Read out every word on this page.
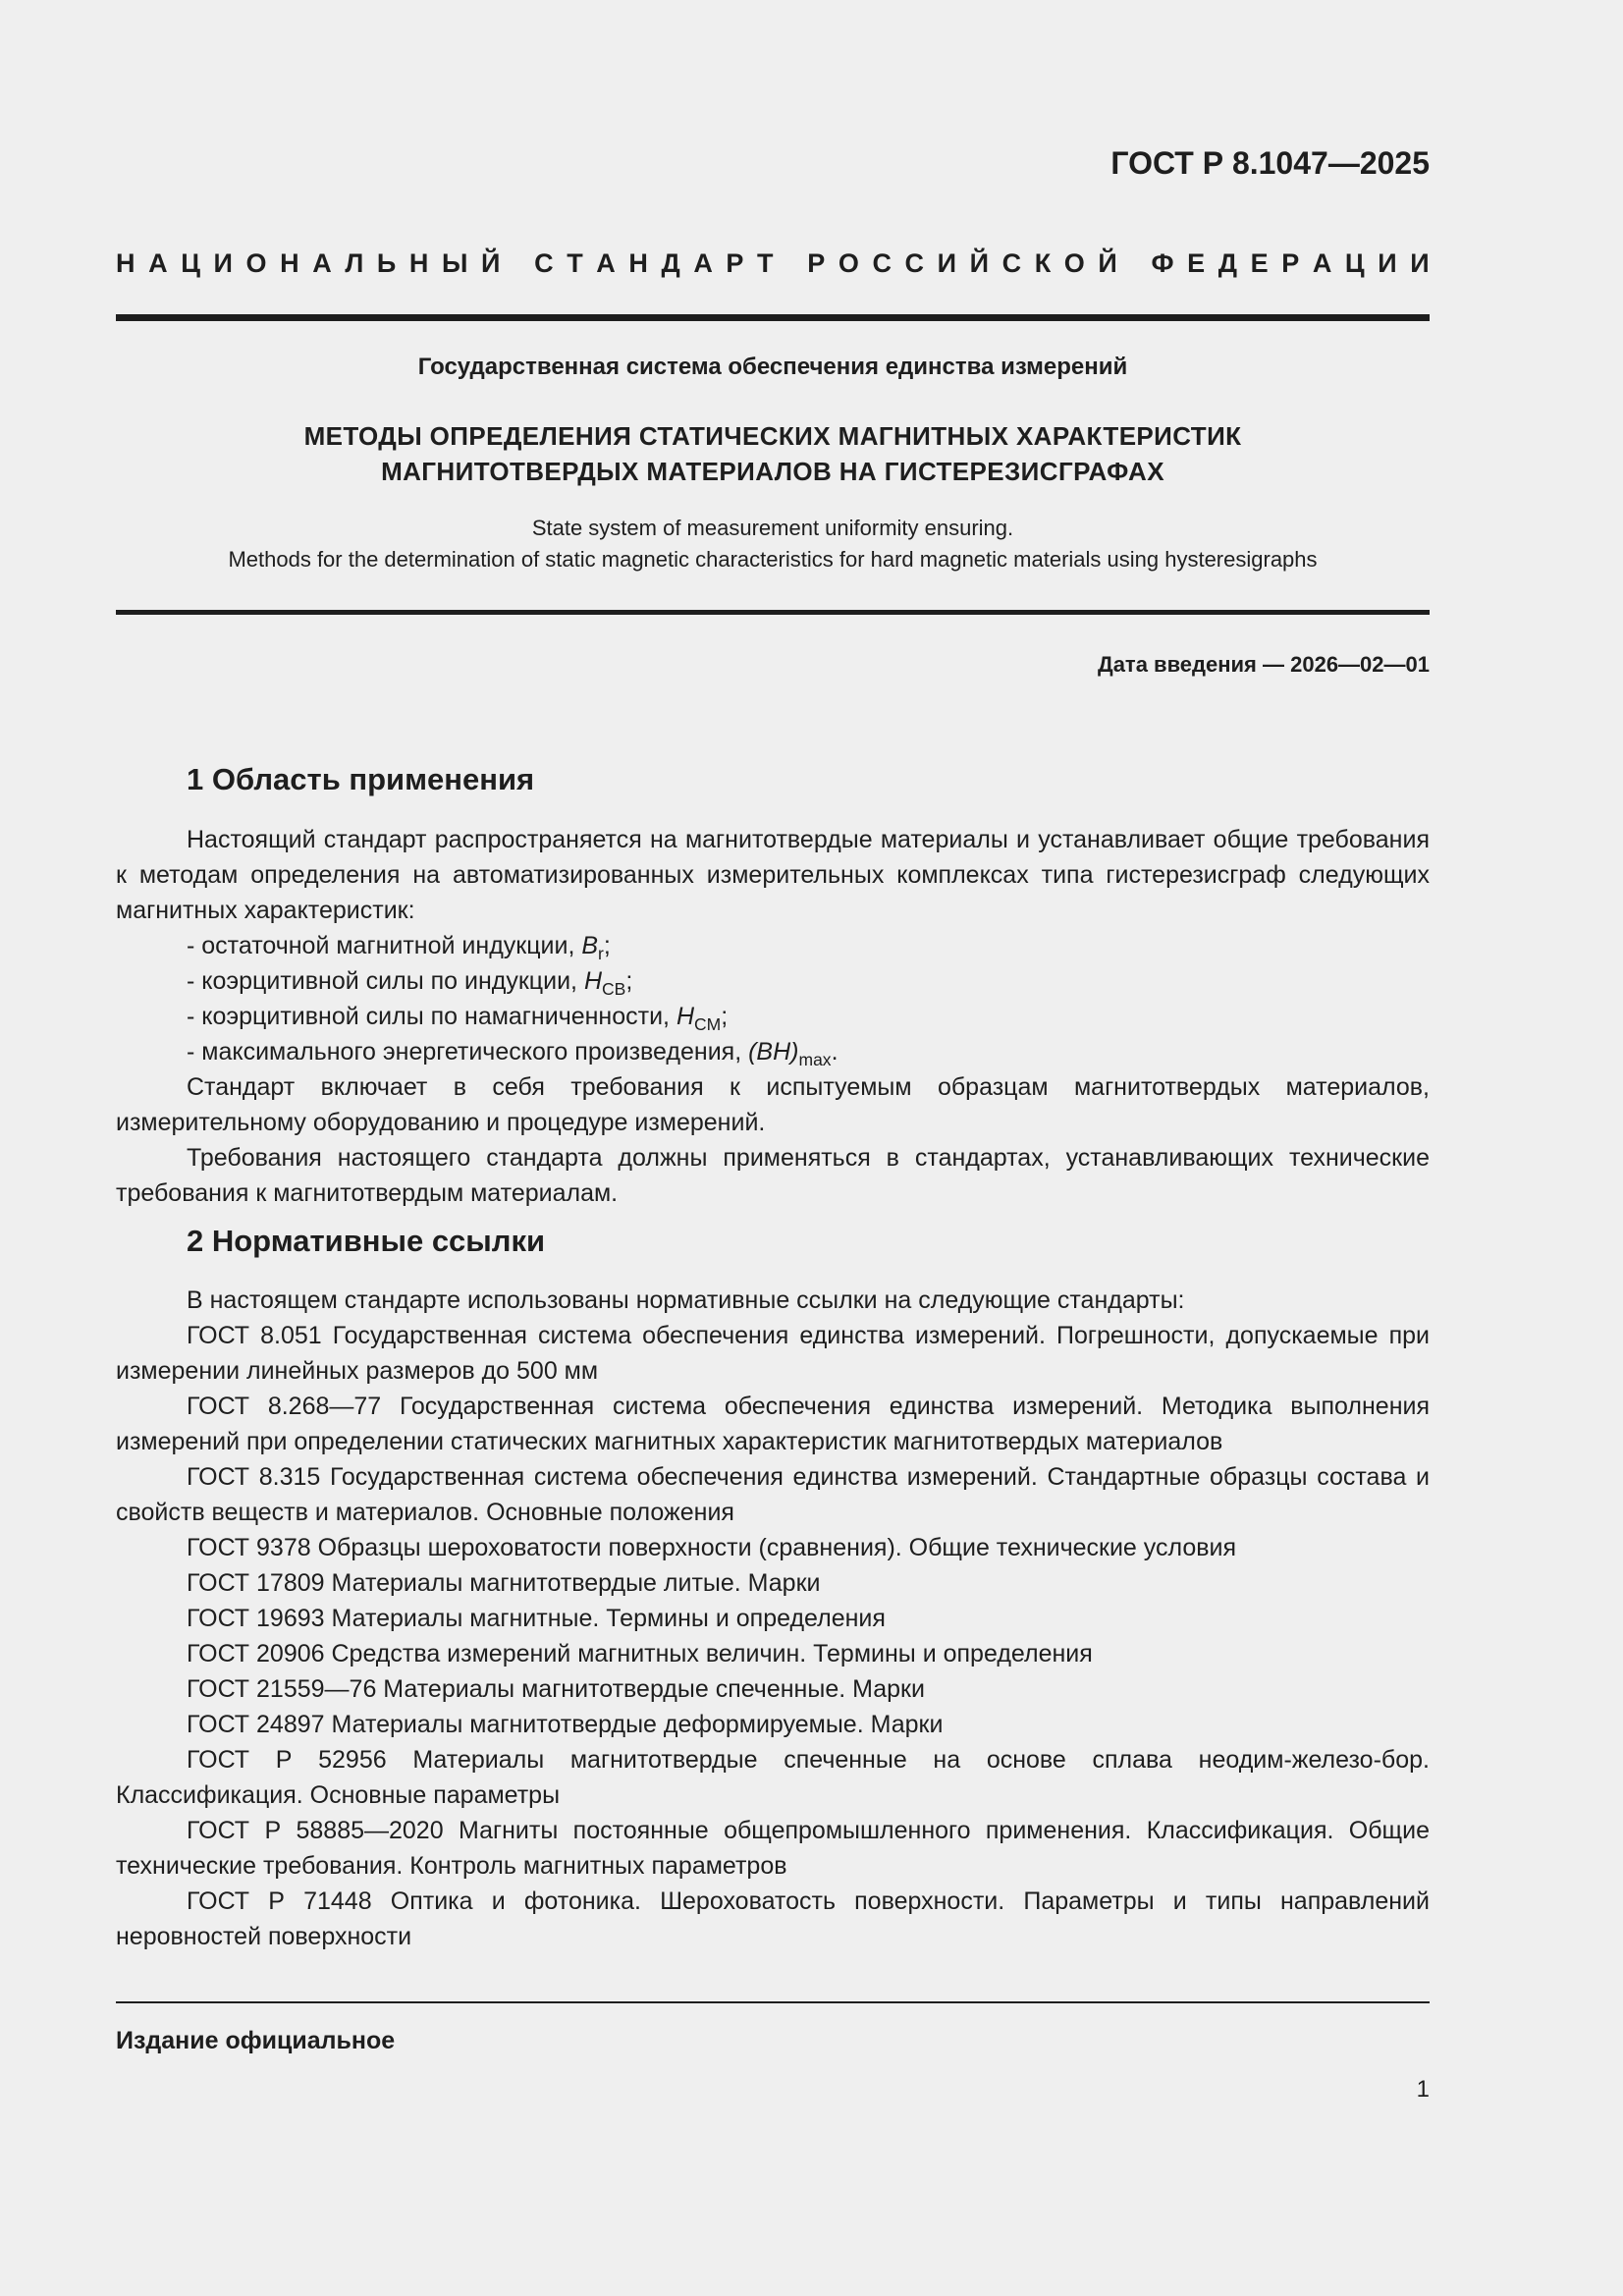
ГОСТ Р 8.1047—2025
Н А Ц И О Н А Л Ь Н Ы Й
С Т А Н Д А Р Т
Р О С С И Й С К О Й
Ф Е Д Е Р А Ц И И
Государственная система обеспечения единства измерений
МЕТОДЫ ОПРЕДЕЛЕНИЯ СТАТИЧЕСКИХ МАГНИТНЫХ ХАРАКТЕРИСТИК
МАГНИТОТВЕРДЫХ МАТЕРИАЛОВ НА ГИСТЕРЕЗИСГРАФАХ
State system of measurement uniformity ensuring.
Methods for the determination of static magnetic characteristics for hard magnetic materials using hysteresigraphs
Дата введения — 2026—02—01
1 Область применения

Настоящий стандарт распространяется на магнитотвердые материалы и устанавливает общие требования к методам определения на автоматизированных измерительных комплексах типа гистерезисграф следующих магнитных характеристик:

- остаточной магнитной индукции, $B_r$;
- коэрцитивной силы по индукции, $H_{CB}$;
- коэрцитивной силы по намагниченности, $H_{CM}$;
- максимального энергетического произведения, $(BH)_{max}$.

Стандарт включает в себя требования к испытуемым образцам магнитотвердых материалов, измерительному оборудованию и процедуре измерений.

Требования настоящего стандарта должны применяться в стандартах, устанавливающих технические требования к магнитотвердым материалам.

2 Нормативные ссылки

В настоящем стандарте использованы нормативные ссылки на следующие стандарты:

ГОСТ 8.051 Государственная система обеспечения единства измерений. Погрешности, допускаемые при измерении линейных размеров до 500 мм

ГОСТ 8.268—77 Государственная система обеспечения единства измерений. Методика выполнения измерений при определении статических магнитных характеристик магнитотвердых материалов

ГОСТ 8.315 Государственная система обеспечения единства измерений. Стандартные образцы состава и свойств веществ и материалов. Основные положения

ГОСТ 9378 Образцы шероховатости поверхности (сравнения). Общие технические условия

ГОСТ 17809 Материалы магнитотвердые литые. Марки

ГОСТ 19693 Материалы магнитные. Термины и определения

ГОСТ 20906 Средства измерений магнитных величин. Термины и определения

ГОСТ 21559—76 Материалы магнитотвердые спеченные. Марки

ГОСТ 24897 Материалы магнитотвердые деформируемые. Марки

ГОСТ Р 52956 Материалы магнитотвердые спеченные на основе сплава неодим-железо-бор. Классификация. Основные параметры

ГОСТ Р 58885—2020 Магниты постоянные общепромышленного применения. Классификация. Общие технические требования. Контроль магнитных параметров

ГОСТ Р 71448 Оптика и фотоника. Шероховатость поверхности. Параметры и типы направлений неровностей поверхности

Издание официальное
1
